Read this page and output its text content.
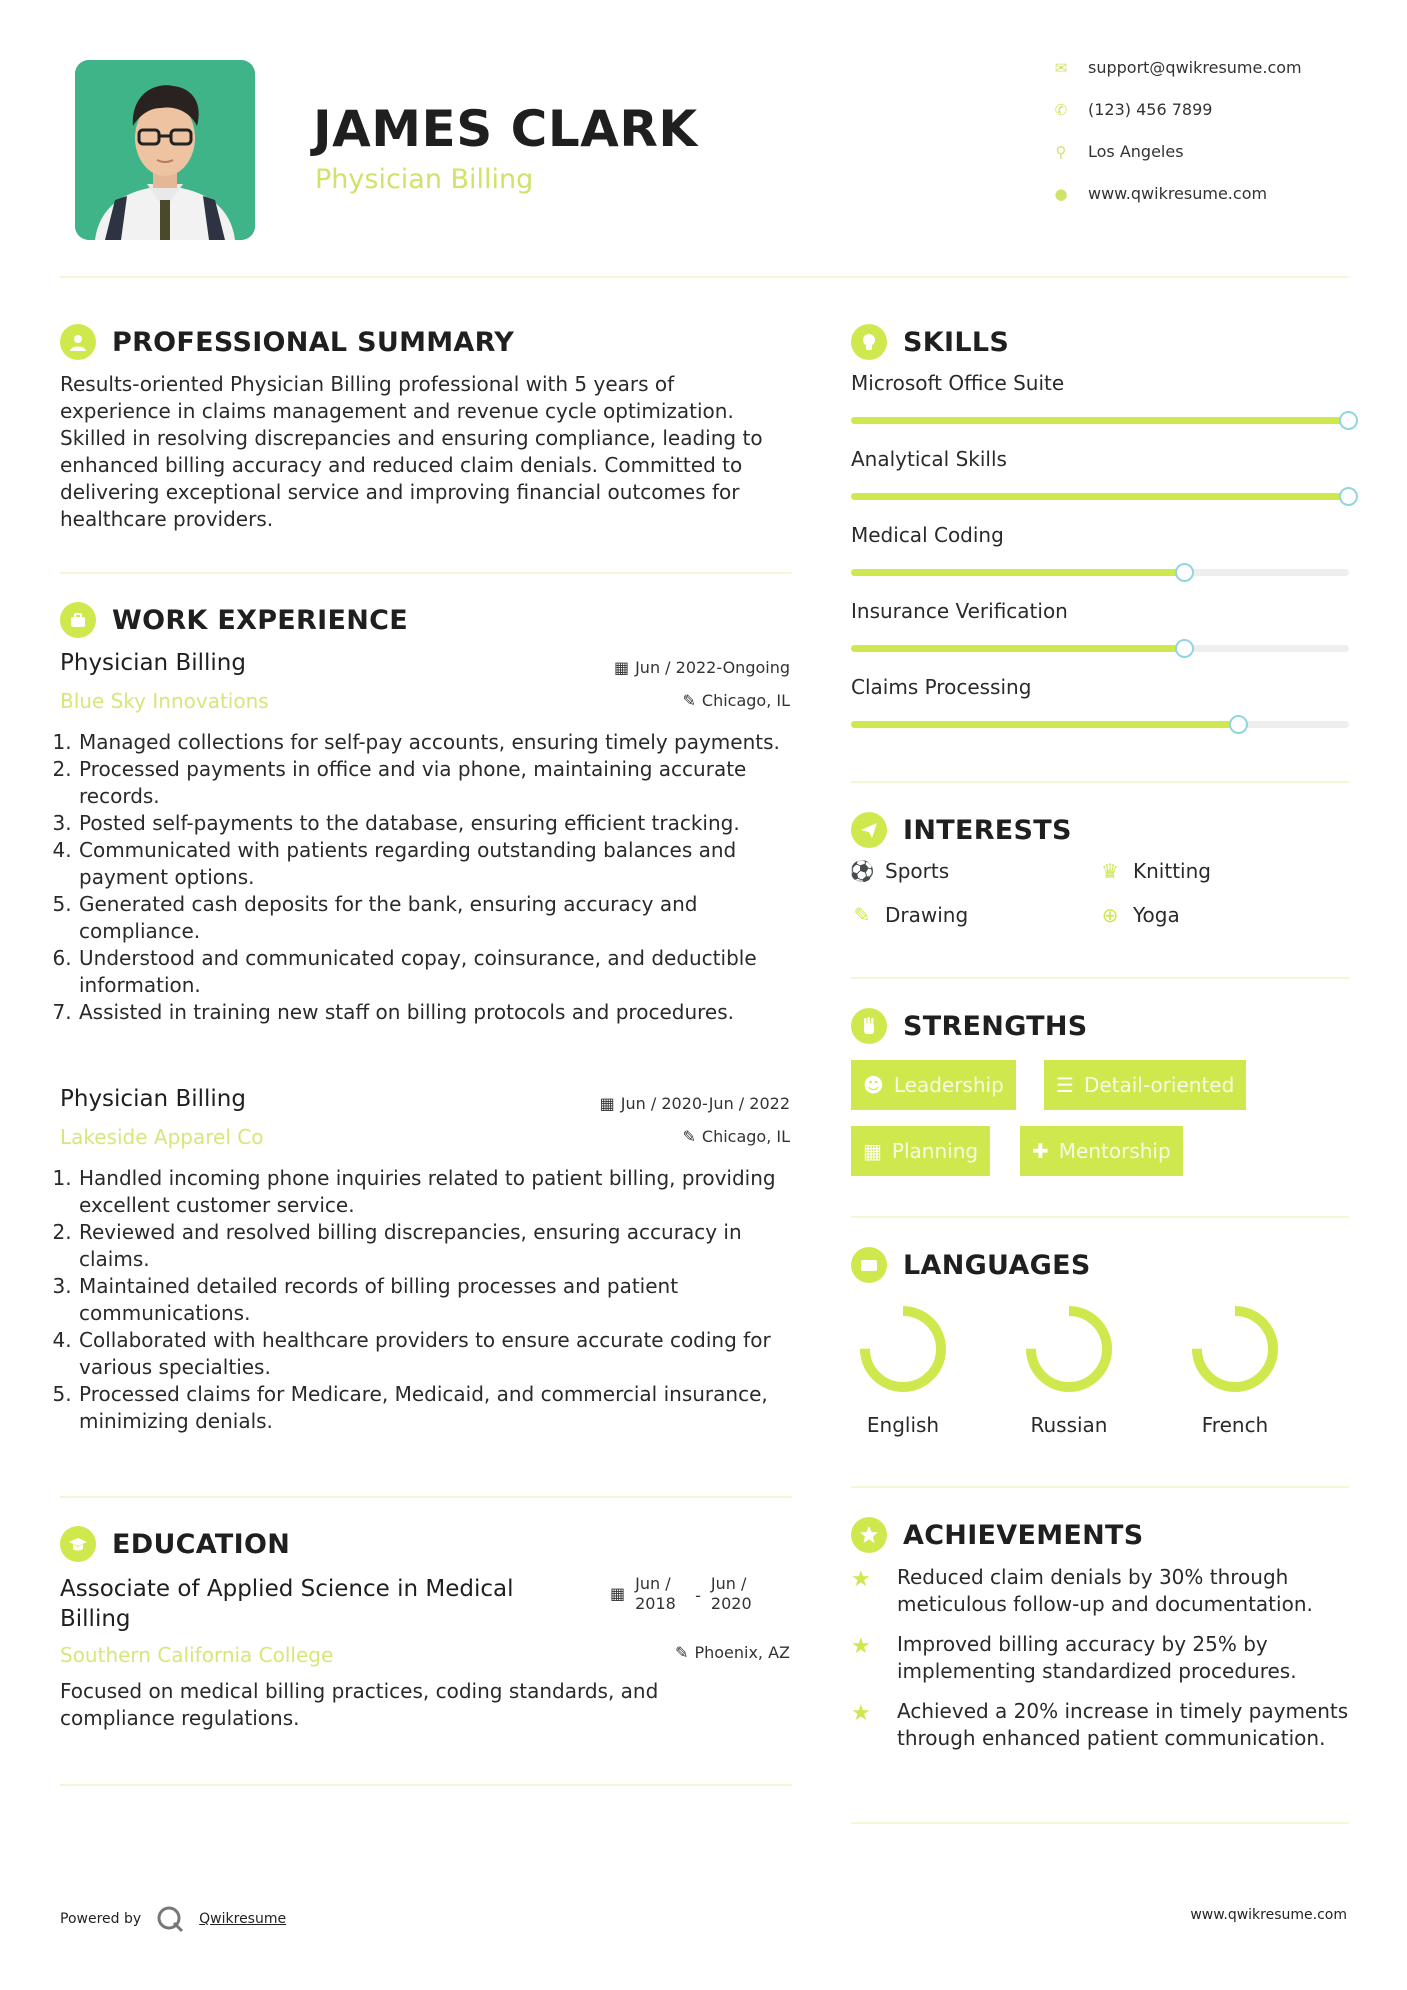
JAMES CLARK
Physician Billing
✉ support@qwikresume.com
✆ (123) 456 7899
⚲	Los Angeles
● www.qwikresume.com
PROFESSIONAL SUMMARY
Results-oriented Physician Billing professional with 5 years of experience in claims management and revenue cycle optimization. Skilled in resolving discrepancies and ensuring compliance, leading to enhanced billing accuracy and reduced claim denials. Committed to delivering exceptional service and improving financial outcomes for healthcare providers.
WORK EXPERIENCE
Physician Billing	▦ Jun / 2022-Ongoing
Blue Sky Innovations	✎ Chicago, IL
1. Managed collections for self-pay accounts, ensuring timely payments.
2. Processed payments in office and via phone, maintaining accurate records.
3. Posted self-payments to the database, ensuring efficient tracking.
4. Communicated with patients regarding outstanding balances and payment options.
5. Generated cash deposits for the bank, ensuring accuracy and compliance.
6. Understood and communicated copay, coinsurance, and deductible information.
7. Assisted in training new staff on billing protocols and procedures.
Physician Billing	▦ Jun / 2020-Jun / 2022
Lakeside Apparel Co	✎ Chicago, IL
1. Handled incoming phone inquiries related to patient billing, providing excellent customer service.
2. Reviewed and resolved billing discrepancies, ensuring accuracy in claims.
3. Maintained detailed records of billing processes and patient communications.
4. Collaborated with healthcare providers to ensure accurate coding for various specialties.
5. Processed claims for Medicare, Medicaid, and commercial insurance, minimizing denials.
EDUCATION
Associate of Applied Science in Medical Billing
▦
Jun / 2018	-
Jun / 2020
Southern California College	✎ Phoenix, AZ
Focused on medical billing practices, coding standards, and compliance regulations.
SKILLS
Microsoft Office Suite
Analytical Skills
Medical Coding
Insurance Verification
Claims Processing
INTERESTS
⚽ Sports	♛ Knitting
✎ Drawing	⊕ Yoga
STRENGTHS
☻ Leadership	☰ Detail-oriented
▦ Planning	✚ Mentorship
LANGUAGES
English	Russian	French
ACHIEVEMENTS
★	Reduced claim denials by 30% through meticulous follow-up and documentation.
★	Improved billing accuracy by 25% by implementing standardized procedures.
★	Achieved a 20% increase in timely payments through enhanced patient communication.
Powered by	Qwikresume	www.qwikresume.com
